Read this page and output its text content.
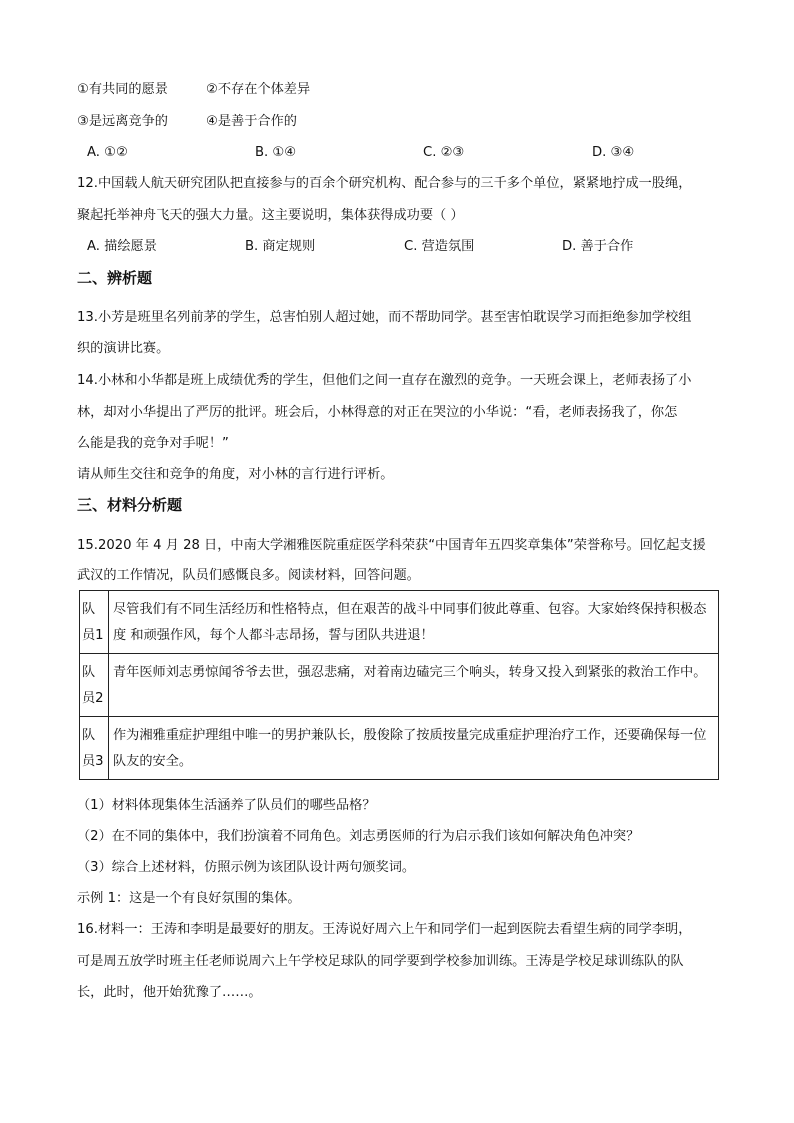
①有共同的愿景	②不存在个体差异
③是远离竞争的	④是善于合作的
A. ①②	B. ①④	C. ②③	D. ③④
12.中国载人航天研究团队把直接参与的百余个研究机构、配合参与的三千多个单位，紧紧地拧成一股绳，
聚起托举神舟飞天的强大力量。这主要说明，集体获得成功要（ ）
A. 描绘愿景	B. 商定规则	C. 营造氛围	D. 善于合作
二、辨析题
13.小芳是班里名列前茅的学生，总害怕别人超过她，而不帮助同学。甚至害怕耽误学习而拒绝参加学校组
织的演讲比赛。
14.小林和小华都是班上成绩优秀的学生，但他们之间一直存在激烈的竞争。一天班会课上，老师表扬了小
林，却对小华提出了严厉的批评。班会后，小林得意的对正在哭泣的小华说：“看，老师表扬我了，你怎
么能是我的竞争对手呢！”
请从师生交往和竞争的角度，对小林的言行进行评析。
三、材料分析题
15.2020 年 4 月 28 日，中南大学湘雅医院重症医学科荣获“中国青年五四奖章集体”荣誉称号。回忆起支援
武汉的工作情况，队员们感慨良多。阅读材料，回答问题。
队员1	尽管我们有不同生活经历和性格特点，但在艰苦的战斗中同事们彼此尊重、包容。大家始终保持积极态度 和顽强作风，每个人都斗志昂扬，誓与团队共进退！
队员2	青年医师刘志勇惊闻爷爷去世，强忍悲痛，对着南边磕完三个响头，转身又投入到紧张的救治工作中。
队员3	作为湘雅重症护理组中唯一的男护兼队长，殷俊除了按质按量完成重症护理治疗工作，还要确保每一位队友的安全。
（1）材料体现集体生活涵养了队员们的哪些品格？
（2）在不同的集体中，我们扮演着不同角色。刘志勇医师的行为启示我们该如何解决角色冲突？
（3）综合上述材料，仿照示例为该团队设计两句颁奖词。
示例 1：这是一个有良好氛围的集体。
16.材料一：王涛和李明是最要好的朋友。王涛说好周六上午和同学们一起到医院去看望生病的同学李明，
可是周五放学时班主任老师说周六上午学校足球队的同学要到学校参加训练。王涛是学校足球训练队的队
长，此时，他开始犹豫了……。
